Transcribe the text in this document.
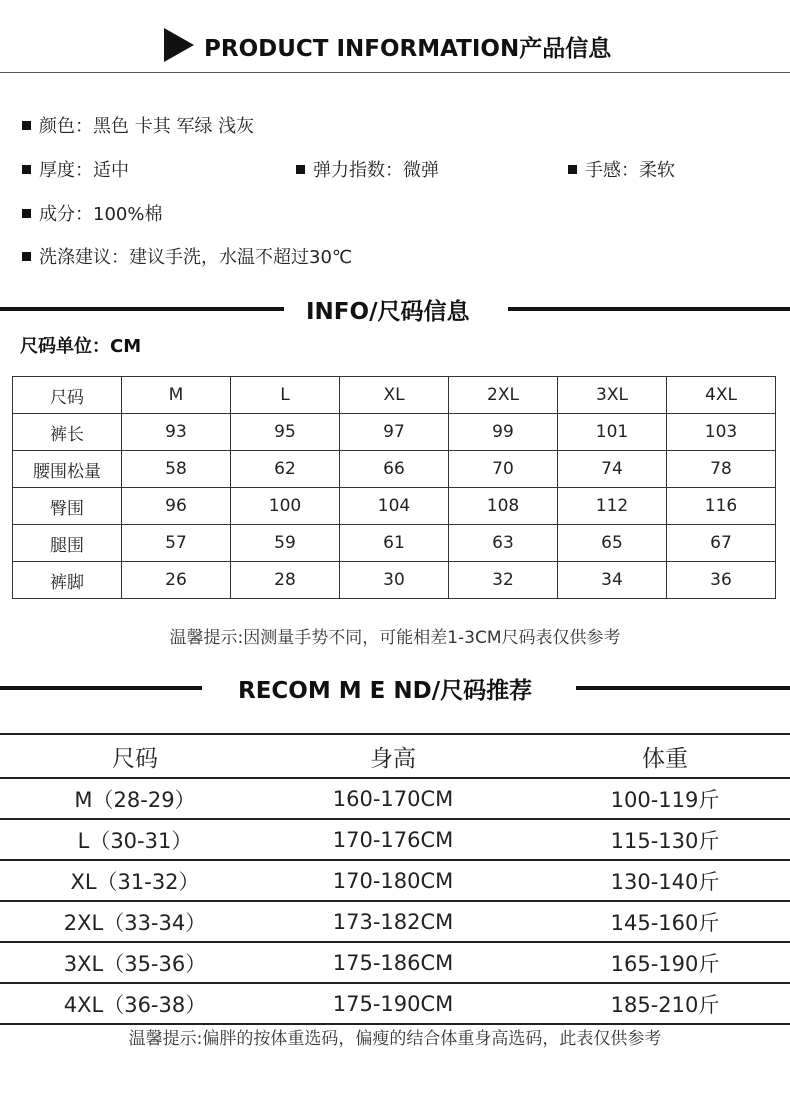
PRODUCT INFORMATION产品信息
颜色：黑色 卡其 军绿 浅灰
厚度：适中	弹力指数：微弹	手感：柔软
成分：100%棉
洗涤建议：建议手洗，水温不超过30℃
INFO/尺码信息
尺码单位：CM
尺码	M	L	XL	2XL	3XL	4XL
裤长	93	95	97	99	101	103
腰围松量	58	62	66	70	74	78
臀围	96	100	104	108	112	116
腿围	57	59	61	63	65	67
裤脚	26	28	30	32	34	36
温馨提示:因测量手势不同，可能相差1-3CM尺码表仅供参考
RECOM M E ND/尺码推荐
尺码	身高	体重
M（28-29）	160-170CM	100-119斤
L（30-31）	170-176CM	115-130斤
XL（31-32）	170-180CM	130-140斤
2XL（33-34）	173-182CM	145-160斤
3XL（35-36）	175-186CM	165-190斤
4XL（36-38）	175-190CM	185-210斤
温馨提示:偏胖的按体重选码，偏瘦的结合体重身高选码，此表仅供参考
